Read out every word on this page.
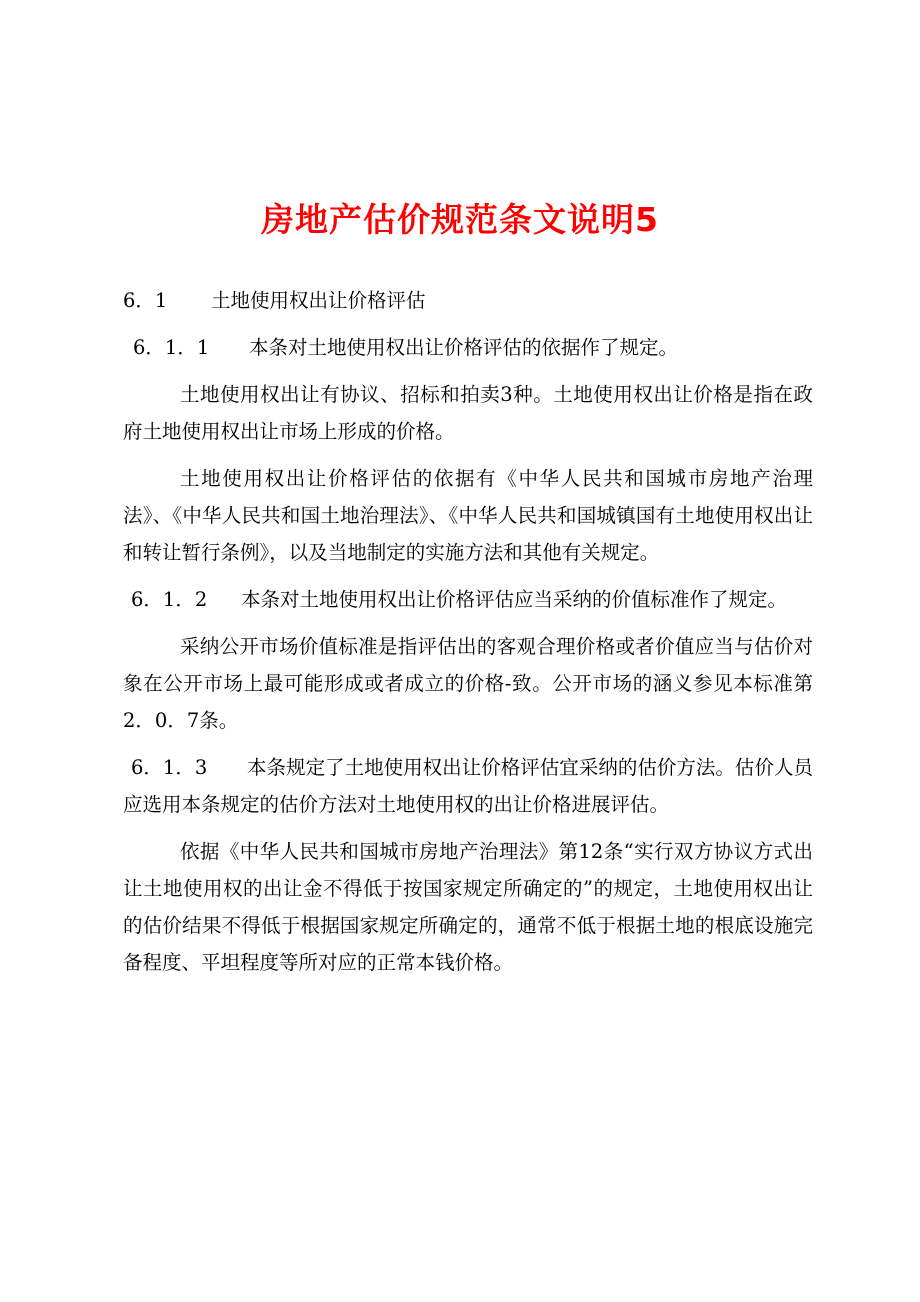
房地产估价规范条文说明5
6．1 土地使用权出让价格评估
6．1．1 本条对土地使用权出让价格评估的依据作了规定。

土地使用权出让有协议、招标和拍卖3种。土地使用权出让价格是指在政府土地使用权出让市场上形成的价格。

土地使用权出让价格评估的依据有《中华人民共和国城市房地产治理法》、《中华人民共和国土地治理法》、《中华人民共和国城镇国有土地使用权出让和转让暂行条例》，以及当地制定的实施方法和其他有关规定。

6．1．2 本条对土地使用权出让价格评估应当采纳的价值标准作了规定。

采纳公开市场价值标准是指评估出的客观合理价格或者价值应当与估价对象在公开市场上最可能形成或者成立的价格-致。公开市场的涵义参见本标准第2．0．7条。

6．1．3 本条规定了土地使用权出让价格评估宜采纳的估价方法。估价人员应选用本条规定的估价方法对土地使用权的出让价格进展评估。

依据《中华人民共和国城市房地产治理法》第12条“实行双方协议方式出让土地使用权的出让金不得低于按国家规定所确定的”的规定，土地使用权出让的估价结果不得低于根据国家规定所确定的，通常不低于根据土地的根底设施完备程度、平坦程度等所对应的正常本钱价格。
